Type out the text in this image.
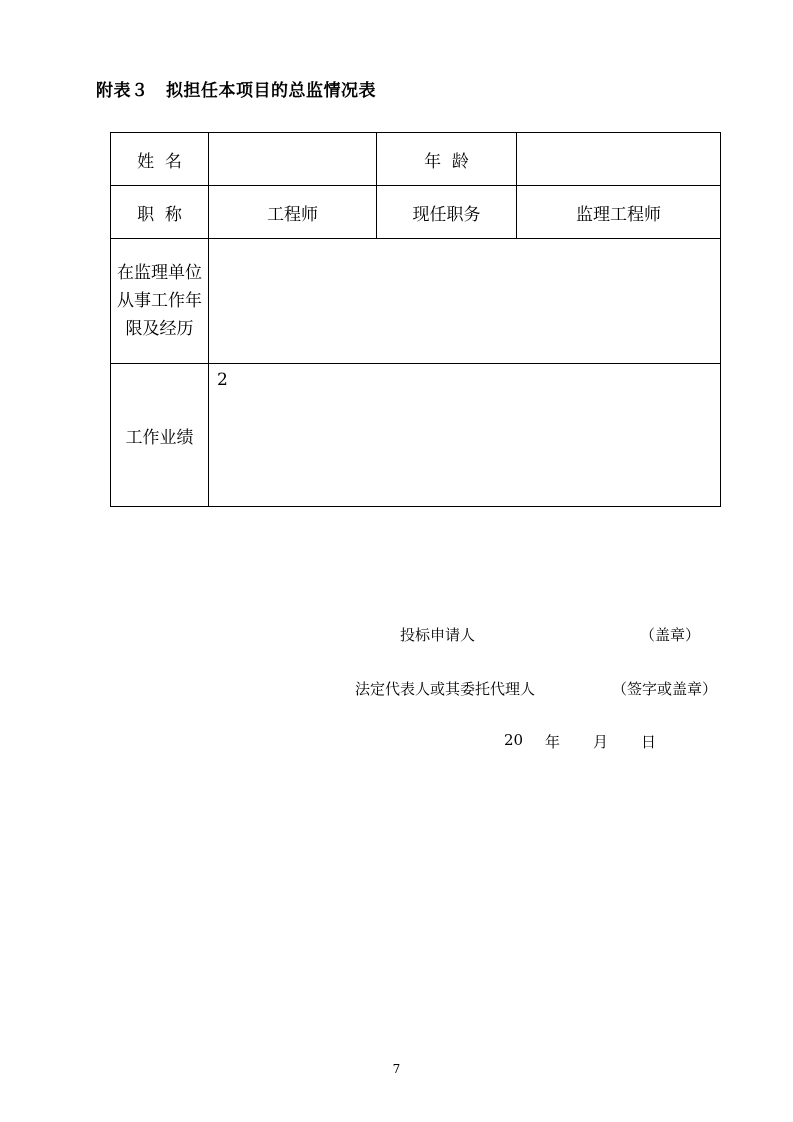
附表３　拟担任本项目的总监情况表
姓  名		年  龄	
职  称	工程师	现任职务	监理工程师
在监理单位从事工作年限及经历			
工作业绩	2		
投标申请人	（盖章）
法定代表人或其委托代理人	（签字或盖章）
20 年 月 日
7
